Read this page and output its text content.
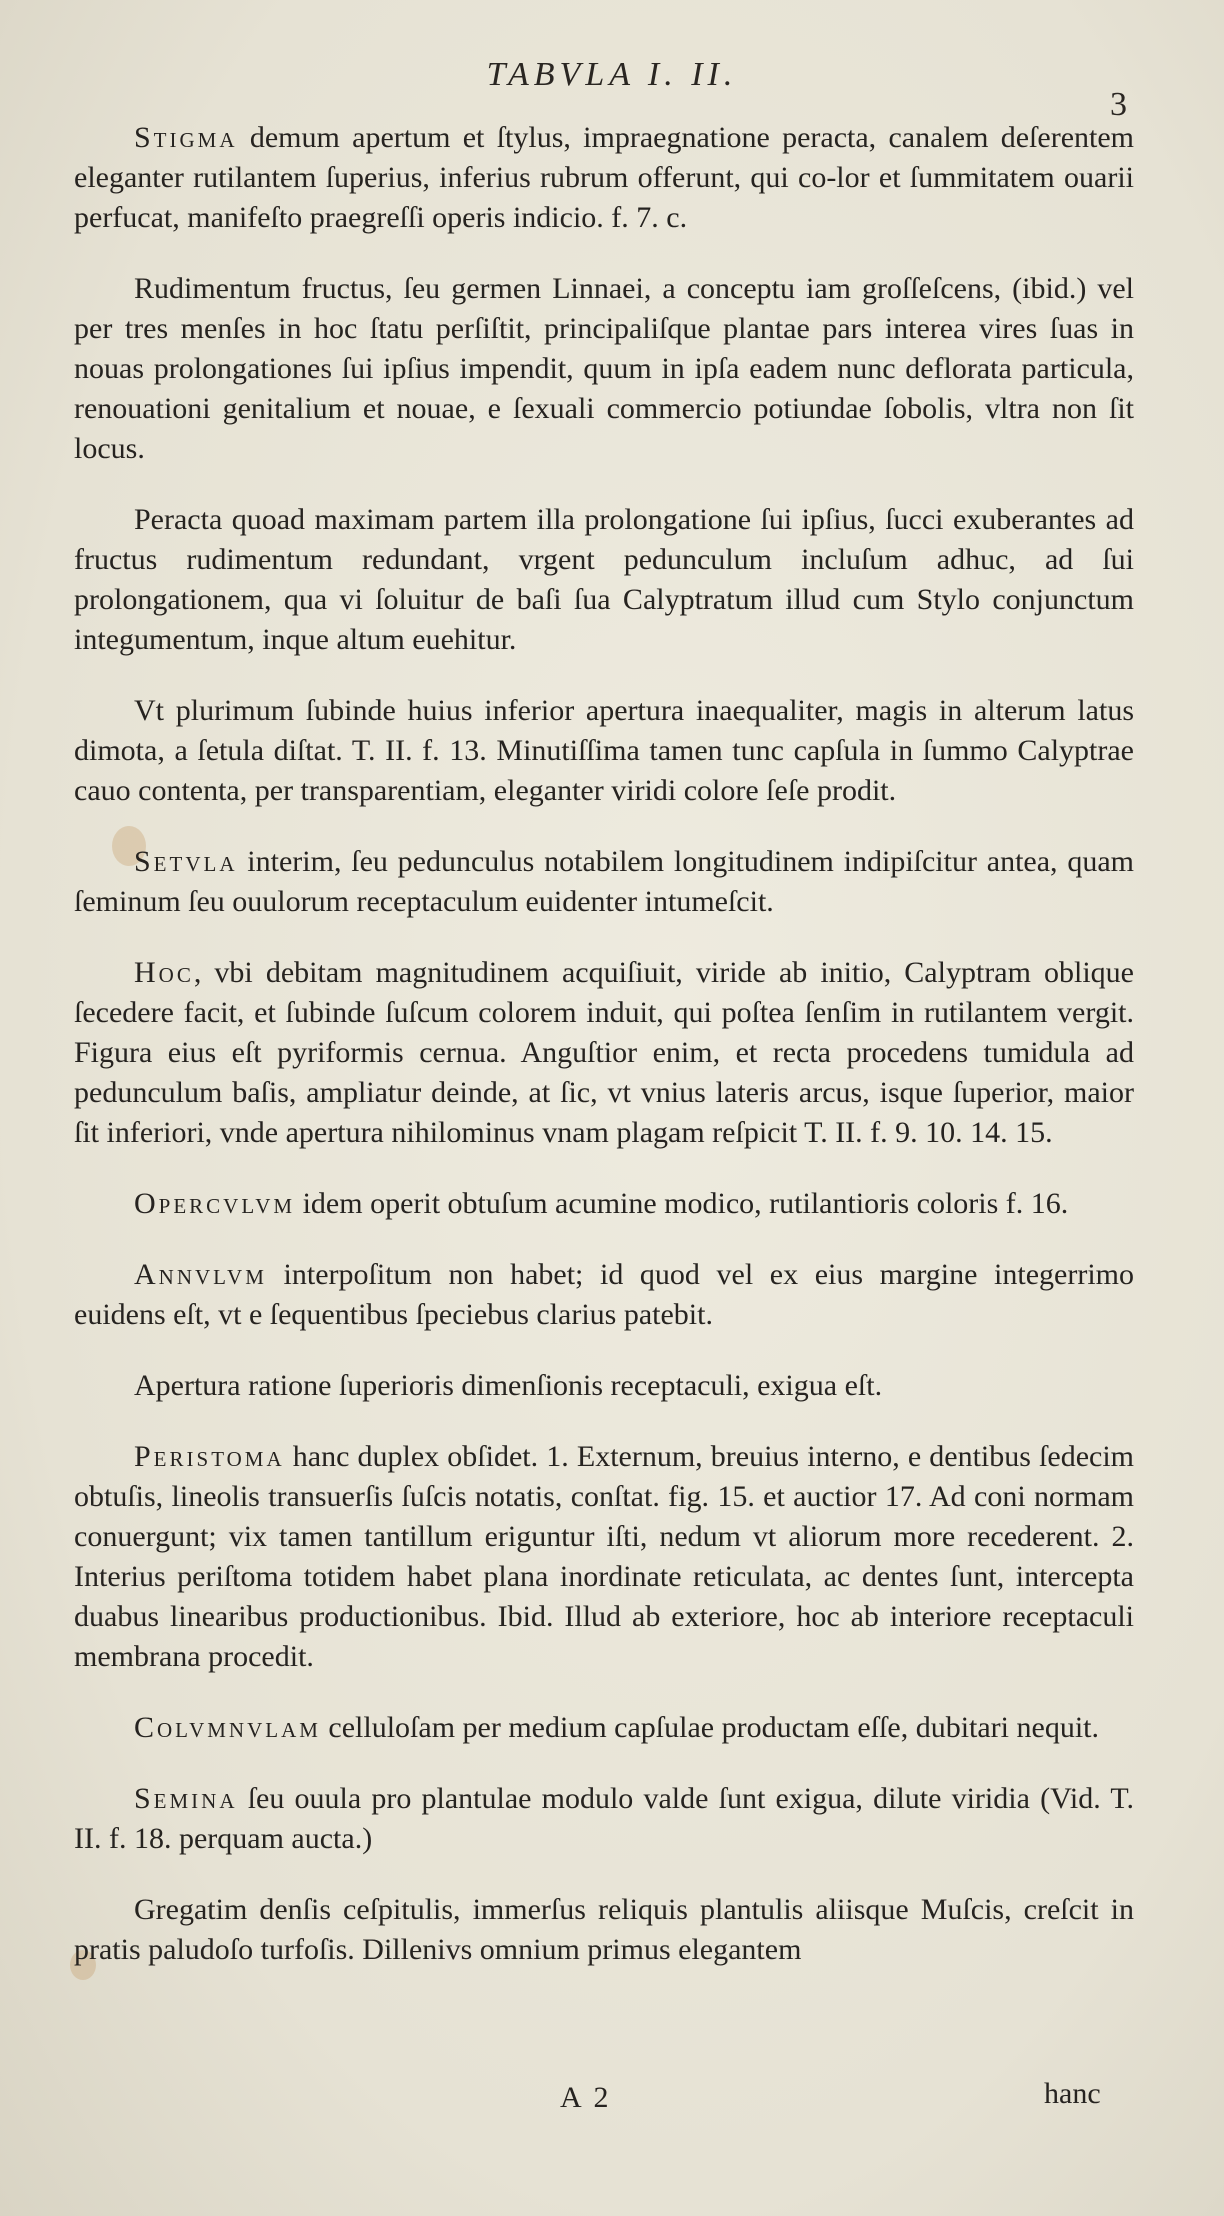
TABVLA I. II.
3

Stigma demum apertum et ſtylus, impraegnatione peracta, canalem deſerentem eleganter rutilantem ſuperius, inferius rubrum offerunt, qui co-lor et ſummitatem ouarii perfucat, manifeſto praegreſſi operis indicio. f. 7. c.

Rudimentum fructus, ſeu germen Linnaei, a conceptu iam groſſeſcens, (ibid.) vel per tres menſes in hoc ſtatu perſiſtit, principaliſque plantae pars interea vires ſuas in nouas prolongationes ſui ipſius impendit, quum in ipſa eadem nunc deflorata particula, renouationi genitalium et nouae, e ſexuali commercio potiundae ſobolis, vltra non ſit locus.

Peracta quoad maximam partem illa prolongatione ſui ipſius, ſucci exuberantes ad fructus rudimentum redundant, vrgent pedunculum incluſum adhuc, ad ſui prolongationem, qua vi ſoluitur de baſi ſua Calyptratum illud cum Stylo conjunctum integumentum, inque altum euehitur.

Vt plurimum ſubinde huius inferior apertura inaequaliter, magis in alterum latus dimota, a ſetula diſtat. T. II. f. 13. Minutiſſima tamen tunc capſula in ſummo Calyptrae cauo contenta, per transparentiam, eleganter viridi colore ſeſe prodit.

Setvla interim, ſeu pedunculus notabilem longitudinem indipiſcitur antea, quam ſeminum ſeu ouulorum receptaculum euidenter intumeſcit.

Hoc, vbi debitam magnitudinem acquiſiuit, viride ab initio, Calyptram oblique ſecedere facit, et ſubinde ſuſcum colorem induit, qui poſtea ſenſim in rutilantem vergit. Figura eius eſt pyriformis cernua. Anguſtior enim, et recta procedens tumidula ad pedunculum baſis, ampliatur deinde, at ſic, vt vnius lateris arcus, isque ſuperior, maior ſit inferiori, vnde apertura nihilominus vnam plagam reſpicit T. II. f. 9. 10. 14. 15.

Opercvlvm idem operit obtuſum acumine modico, rutilantioris coloris f. 16.

Annvlvm interpoſitum non habet; id quod vel ex eius margine integerrimo euidens eſt, vt e ſequentibus ſpeciebus clarius patebit.

Apertura ratione ſuperioris dimenſionis receptaculi, exigua eſt.

Peristoma hanc duplex obſidet. 1. Externum, breuius interno, e dentibus ſedecim obtuſis, lineolis transuerſis ſuſcis notatis, conſtat. fig. 15. et auctior 17. Ad coni normam conuergunt; vix tamen tantillum eriguntur iſti, nedum vt aliorum more recederent. 2. Interius periſtoma totidem habet plana inordinate reticulata, ac dentes ſunt, intercepta duabus linearibus productionibus. Ibid. Illud ab exteriore, hoc ab interiore receptaculi membrana procedit.

Colvmnvlam celluloſam per medium capſulae productam eſſe, dubitari nequit.

Semina ſeu ouula pro plantulae modulo valde ſunt exigua, dilute viridia (Vid. T. II. f. 18. perquam aucta.)

Gregatim denſis ceſpitulis, immerſus reliquis plantulis aliisque Muſcis, creſcit in pratis paludoſo turfoſis. Dillenivs omnium primus elegantem

A 2	hanc
